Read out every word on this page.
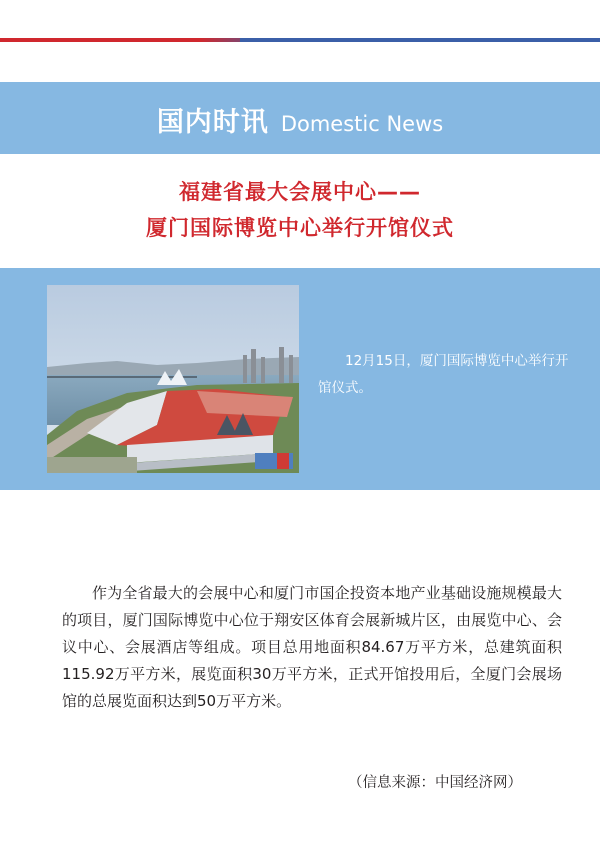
国内时讯 Domestic News
福建省最大会展中心——
厦门国际博览中心举行开馆仪式
12月15日，厦门国际博览中心举行开馆仪式。
作为全省最大的会展中心和厦门市国企投资本地产业基础设施规模最大的项目，厦门国际博览中心位于翔安区体育会展新城片区，由展览中心、会议中心、会展酒店等组成。项目总用地面积84.67万平方米，总建筑面积115.92万平方米，展览面积30万平方米，正式开馆投用后，全厦门会展场馆的总展览面积达到50万平方米。
（信息来源：中国经济网）
